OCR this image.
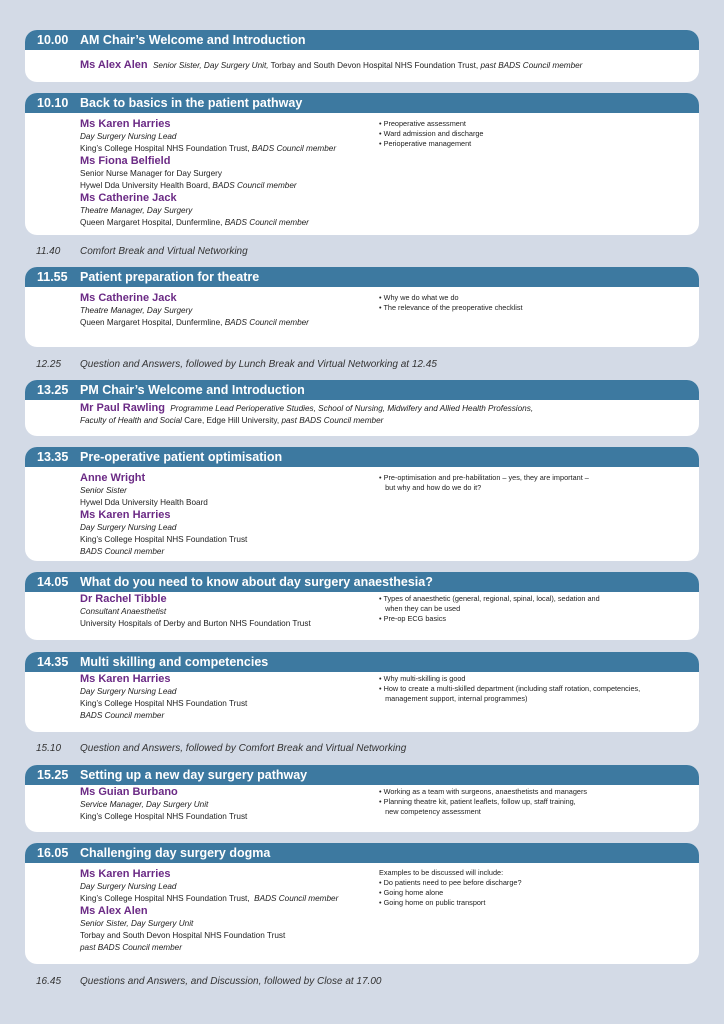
10.00 AM Chair’s Welcome and Introduction
Ms Alex Alen Senior Sister, Day Surgery Unit, Torbay and South Devon Hospital NHS Foundation Trust, past BADS Council member
10.10 Back to basics in the patient pathway
Ms Karen Harries
Day Surgery Nursing Lead
King’s College Hospital NHS Foundation Trust, BADS Council member
Ms Fiona Belfield
Senior Nurse Manager for Day Surgery
Hywel Dda University Health Board, BADS Council member
Ms Catherine Jack
Theatre Manager, Day Surgery
Queen Margaret Hospital, Dunfermline, BADS Council member
• Preoperative assessment
• Ward admission and discharge
• Perioperative management
11.40	Comfort Break and Virtual Networking
11.55 Patient preparation for theatre
Ms Catherine Jack
Theatre Manager, Day Surgery
Queen Margaret Hospital, Dunfermline, BADS Council member
• Why we do what we do
• The relevance of the preoperative checklist
12.25	Question and Answers, followed by Lunch Break and Virtual Networking at 12.45
13.25 PM Chair’s Welcome and Introduction
Mr Paul Rawling Programme Lead Perioperative Studies, School of Nursing, Midwifery and Allied Health Professions,
Faculty of Health and Social Care, Edge Hill University, past BADS Council member
13.35 Pre-operative patient optimisation
Anne Wright
Senior Sister
Hywel Dda University Health Board
Ms Karen Harries
Day Surgery Nursing Lead
King’s College Hospital NHS Foundation Trust
BADS Council member
• Pre-optimisation and pre-habilitation – yes, they are important –
but why and how do we do it?
14.05 What do you need to know about day surgery anaesthesia?
Dr Rachel Tibble
Consultant Anaesthetist
University Hospitals of Derby and Burton NHS Foundation Trust
• Types of anaesthetic (general, regional, spinal, local), sedation and
when they can be used
• Pre-op ECG basics
14.35 Multi skilling and competencies
Ms Karen Harries
Day Surgery Nursing Lead
King’s College Hospital NHS Foundation Trust
BADS Council member
• Why multi-skilling is good
• How to create a multi-skilled department (including staff rotation, competencies,
management support, internal programmes)
15.10	Question and Answers, followed by Comfort Break and Virtual Networking
15.25 Setting up a new day surgery pathway
Ms Guian Burbano
Service Manager, Day Surgery Unit
King’s College Hospital NHS Foundation Trust
• Working as a team with surgeons, anaesthetists and managers
• Planning theatre kit, patient leaflets, follow up, staff training,
new competency assessment
16.05 Challenging day surgery dogma
Ms Karen Harries
Day Surgery Nursing Lead
King’s College Hospital NHS Foundation Trust,  BADS Council member
Ms Alex Alen
Senior Sister, Day Surgery Unit
Torbay and South Devon Hospital NHS Foundation Trust
past BADS Council member
Examples to be discussed will include:
• Do patients need to pee before discharge?
• Going home alone
• Going home on public transport
16.45	Questions and Answers, and Discussion, followed by Close at 17.00
